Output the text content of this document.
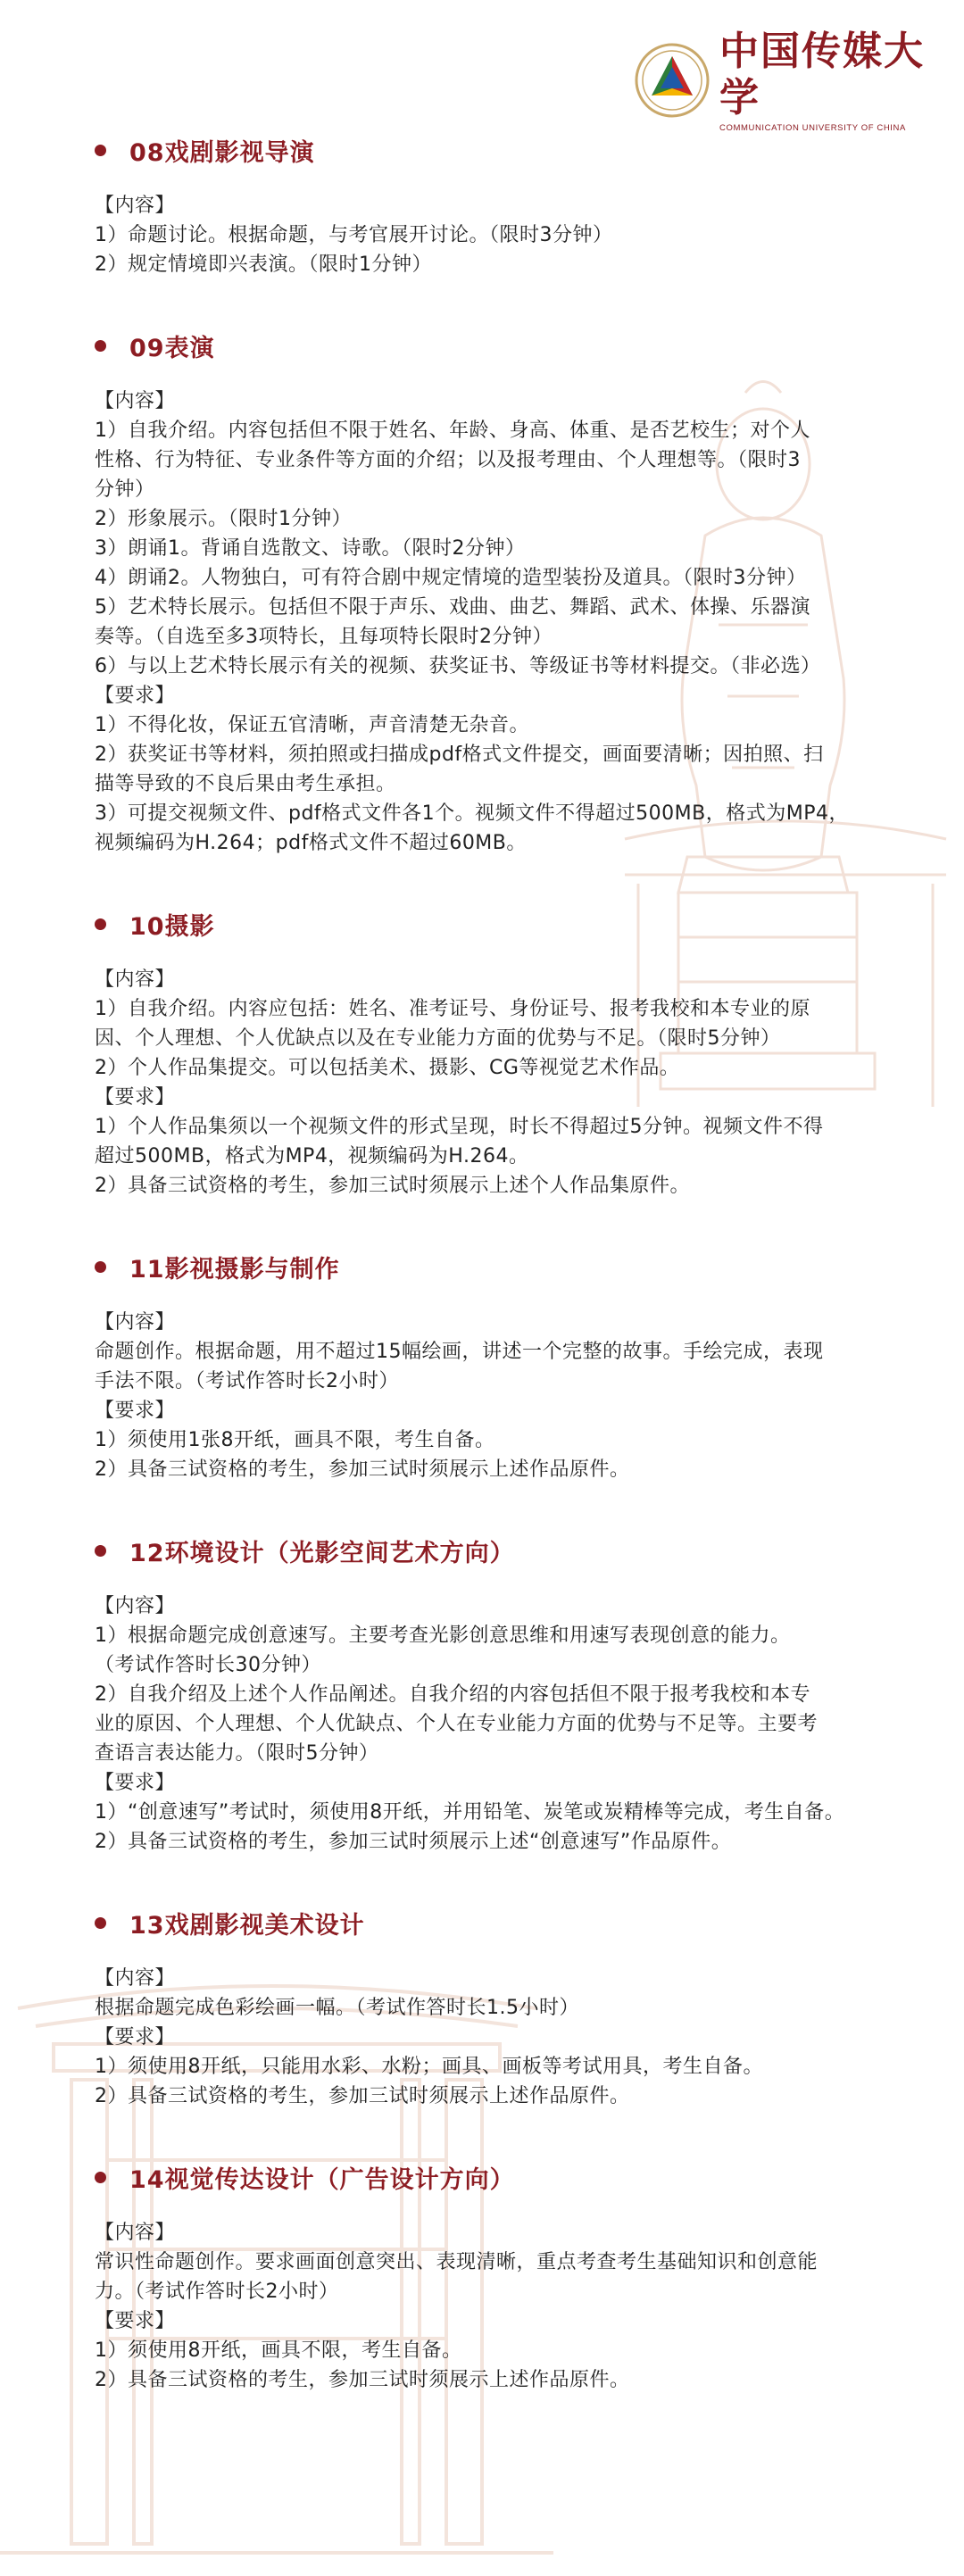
中国传媒大学
COMMUNICATION UNIVERSITY OF CHINA
08戏剧影视导演
【内容】
1）命题讨论。根据命题，与考官展开讨论。（限时3分钟）
2）规定情境即兴表演。（限时1分钟）
09表演
【内容】
1）自我介绍。内容包括但不限于姓名、年龄、身高、体重、是否艺校生；对个人
性格、行为特征、专业条件等方面的介绍；以及报考理由、个人理想等。（限时3
分钟）
2）形象展示。（限时1分钟）
3）朗诵1。背诵自选散文、诗歌。（限时2分钟）
4）朗诵2。人物独白，可有符合剧中规定情境的造型装扮及道具。（限时3分钟）
5）艺术特长展示。包括但不限于声乐、戏曲、曲艺、舞蹈、武术、体操、乐器演
奏等。（自选至多3项特长，且每项特长限时2分钟）
6）与以上艺术特长展示有关的视频、获奖证书、等级证书等材料提交。（非必选）
【要求】
1）不得化妆，保证五官清晰，声音清楚无杂音。
2）获奖证书等材料，须拍照或扫描成pdf格式文件提交，画面要清晰；因拍照、扫
描等导致的不良后果由考生承担。
3）可提交视频文件、pdf格式文件各1个。视频文件不得超过500MB，格式为MP4，
视频编码为H.264；pdf格式文件不超过60MB。
10摄影
【内容】
1）自我介绍。内容应包括：姓名、准考证号、身份证号、报考我校和本专业的原
因、个人理想、个人优缺点以及在专业能力方面的优势与不足。（限时5分钟）
2）个人作品集提交。可以包括美术、摄影、CG等视觉艺术作品。
【要求】
1）个人作品集须以一个视频文件的形式呈现，时长不得超过5分钟。视频文件不得
超过500MB，格式为MP4，视频编码为H.264。
2）具备三试资格的考生，参加三试时须展示上述个人作品集原件。
11影视摄影与制作
【内容】
命题创作。根据命题，用不超过15幅绘画，讲述一个完整的故事。手绘完成，表现
手法不限。（考试作答时长2小时）
【要求】
1）须使用1张8开纸，画具不限，考生自备。
2）具备三试资格的考生，参加三试时须展示上述作品原件。
12环境设计（光影空间艺术方向）
【内容】
1）根据命题完成创意速写。主要考查光影创意思维和用速写表现创意的能力。
（考试作答时长30分钟）
2）自我介绍及上述个人作品阐述。自我介绍的内容包括但不限于报考我校和本专
业的原因、个人理想、个人优缺点、个人在专业能力方面的优势与不足等。主要考
查语言表达能力。（限时5分钟）
【要求】
1）“创意速写”考试时，须使用8开纸，并用铅笔、炭笔或炭精棒等完成，考生自备。
2）具备三试资格的考生，参加三试时须展示上述“创意速写”作品原件。
13戏剧影视美术设计
【内容】
根据命题完成色彩绘画一幅。（考试作答时长1.5小时）
【要求】
1）须使用8开纸，只能用水彩、水粉；画具、画板等考试用具，考生自备。
2）具备三试资格的考生，参加三试时须展示上述作品原件。
14视觉传达设计（广告设计方向）
【内容】
常识性命题创作。要求画面创意突出、表现清晰，重点考查考生基础知识和创意能
力。（考试作答时长2小时）
【要求】
1）须使用8开纸，画具不限，考生自备。
2）具备三试资格的考生，参加三试时须展示上述作品原件。
